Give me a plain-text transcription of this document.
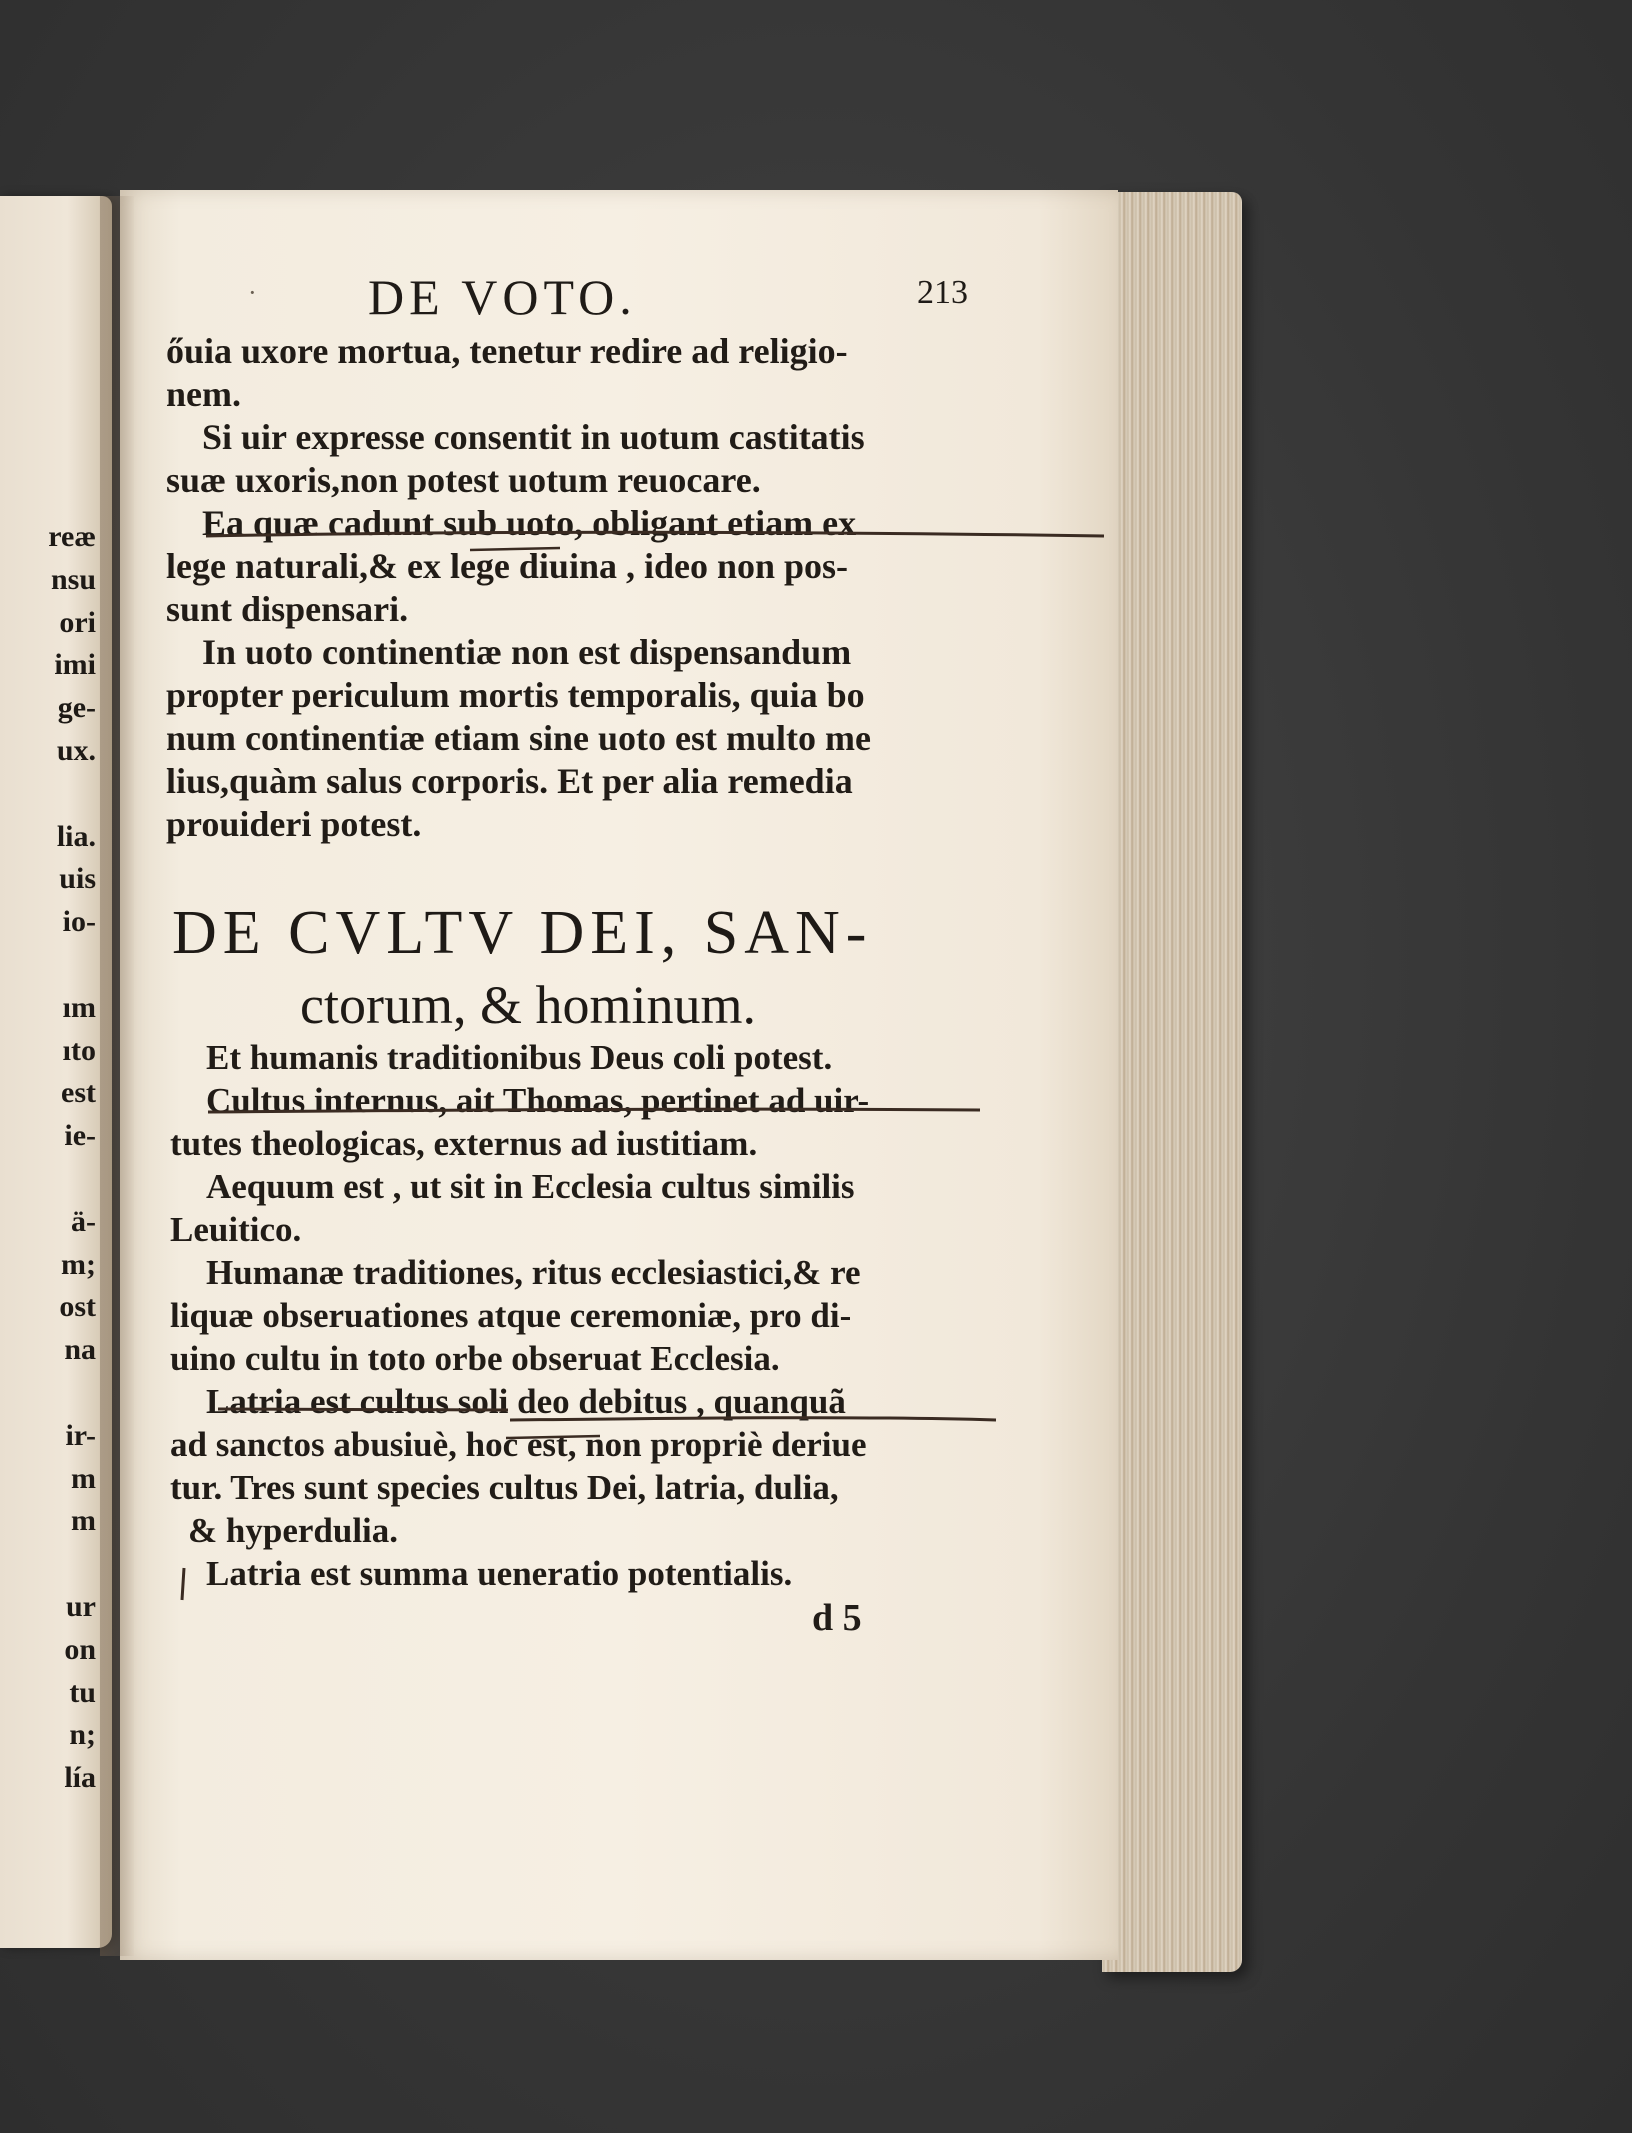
reæ
nsu
ori
imi
ge-
ux.
lia.
uis
io-
ım
ıto
est
ie-
ä-
m;
ost
na
ir-
m
m
ur
on
tu
n;
lía
· DE VOTO.	213
őuia uxore mortua, tenetur redire ad religio-
nem.
Si uir expresse consentit in uotum castitatis
suæ uxoris,non potest uotum reuocare.
Ea quæ cadunt sub uoto, obligant etiam ex
lege naturali,& ex lege diuina , ideo non pos-
sunt dispensari.
In uoto continentiæ non est dispensandum
propter periculum mortis temporalis, quia bo
num continentiæ etiam sine uoto est multo me
lius,quàm salus corporis. Et per alia remedia
prouideri potest.
DE CVLTV DEI, SAN-
ctorum, & hominum.
Et humanis traditionibus Deus coli potest.
Cultus internus, ait Thomas, pertinet ad uir-
tutes theologicas, externus ad iustitiam.
Aequum est , ut sit in Ecclesia cultus similis
Leuitico.
Humanæ traditiones, ritus ecclesiastici,& re
liquæ obseruationes atque ceremoniæ, pro di-
uino cultu in toto orbe obseruat Ecclesia.
Latria est cultus soli deo debitus , quanquã
ad sanctos abusiuè, hoc est, non propriè deriue
tur. Tres sunt species cultus Dei, latria, dulia,
& hyperdulia.
Latria est summa ueneratio potentialis.
d 5
